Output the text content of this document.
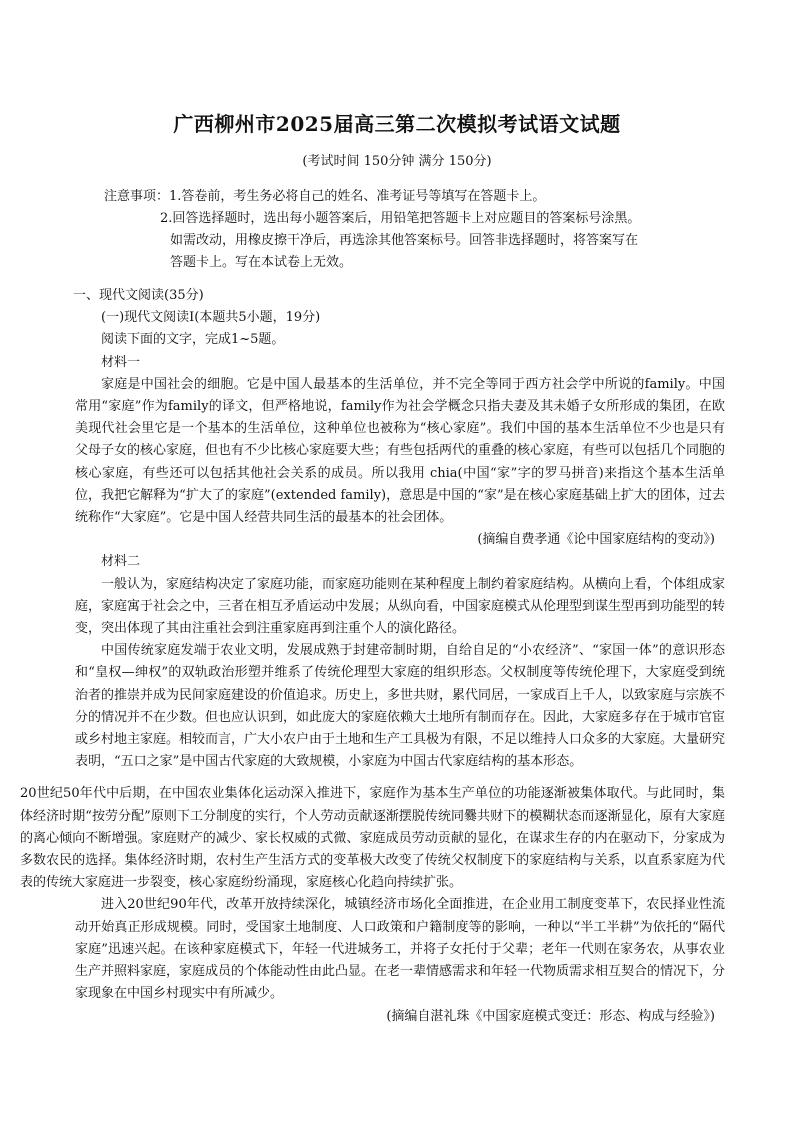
广西柳州市2025届高三第二次模拟考试语文试题
(考试时间 150分钟 满分 150分)
注意事项：1.答卷前，考生务必将自己的姓名、准考证号等填写在答题卡上。
2.回答选择题时，选出每小题答案后，用铅笔把答题卡上对应题目的答案标号涂黑。
如需改动，用橡皮擦干净后，再选涂其他答案标号。回答非选择题时，将答案写在
答题卡上。写在本试卷上无效。

一、现代文阅读(35分)

(一)现代文阅读Ⅰ(本题共5小题，19分)

阅读下面的文字，完成1~5题。

材料一

家庭是中国社会的细胞。它是中国人最基本的生活单位，并不完全等同于西方社会学中所说的family。中国常用“家庭”作为family的译文，但严格地说，family作为社会学概念只指夫妻及其未婚子女所形成的集团，在欧美现代社会里它是一个基本的生活单位，这种单位也被称为“核心家庭”。我们中国的基本生活单位不少也是只有父母子女的核心家庭，但也有不少比核心家庭要大些；有些包括两代的重叠的核心家庭，有些可以包括几个同胞的核心家庭，有些还可以包括其他社会关系的成员。所以我用 chia(中国“家”字的罗马拼音)来指这个基本生活单位，我把它解释为“扩大了的家庭”(extended family)，意思是中国的“家”是在核心家庭基础上扩大的团体，过去统称作“大家庭”。它是中国人经营共同生活的最基本的社会团体。

(摘编自费孝通《论中国家庭结构的变动》)

材料二

一般认为，家庭结构决定了家庭功能，而家庭功能则在某种程度上制约着家庭结构。从横向上看，个体组成家庭，家庭寓于社会之中，三者在相互矛盾运动中发展；从纵向看，中国家庭模式从伦理型到谋生型再到功能型的转变，突出体现了其由注重社会到注重家庭再到注重个人的演化路径。

中国传统家庭发端于农业文明，发展成熟于封建帝制时期，自给自足的“小农经济”、“家国一体”的意识形态和“皇权—绅权”的双轨政治形塑并维系了传统伦理型大家庭的组织形态。父权制度等传统伦理下，大家庭受到统治者的推崇并成为民间家庭建设的价值追求。历史上，多世共财，累代同居，一家成百上千人，以致家庭与宗族不分的情况并不在少数。但也应认识到，如此庞大的家庭依赖大土地所有制而存在。因此，大家庭多存在于城市官宦或乡村地主家庭。相较而言，广大小农户由于土地和生产工具极为有限，不足以维持人口众多的大家庭。大量研究表明，“五口之家”是中国古代家庭的大致规模，小家庭为中国古代家庭结构的基本形态。

20世纪50年代中后期，在中国农业集体化运动深入推进下，家庭作为基本生产单位的功能逐渐被集体取代。与此同时，集体经济时期“按劳分配”原则下工分制度的实行，个人劳动贡献逐渐摆脱传统同爨共财下的模糊状态而逐渐显化，原有大家庭的离心倾向不断增强。家庭财产的减少、家长权威的式微、家庭成员劳动贡献的显化，在谋求生存的内在驱动下，分家成为多数农民的选择。集体经济时期，农村生产生活方式的变革极大改变了传统父权制度下的家庭结构与关系，以直系家庭为代表的传统大家庭进一步裂变，核心家庭纷纷涌现，家庭核心化趋向持续扩张。

进入20世纪90年代，改革开放持续深化，城镇经济市场化全面推进，在企业用工制度变革下，农民择业性流动开始真正形成规模。同时，受国家土地制度、人口政策和户籍制度等的影响，一种以“半工半耕”为依托的“隔代家庭”迅速兴起。在该种家庭模式下，年轻一代进城务工，并将子女托付于父辈；老年一代则在家务农，从事农业生产并照料家庭，家庭成员的个体能动性由此凸显。在老一辈情感需求和年轻一代物质需求相互契合的情况下，分家现象在中国乡村现实中有所减少。

(摘编自湛礼珠《中国家庭模式变迁：形态、构成与经验》)
